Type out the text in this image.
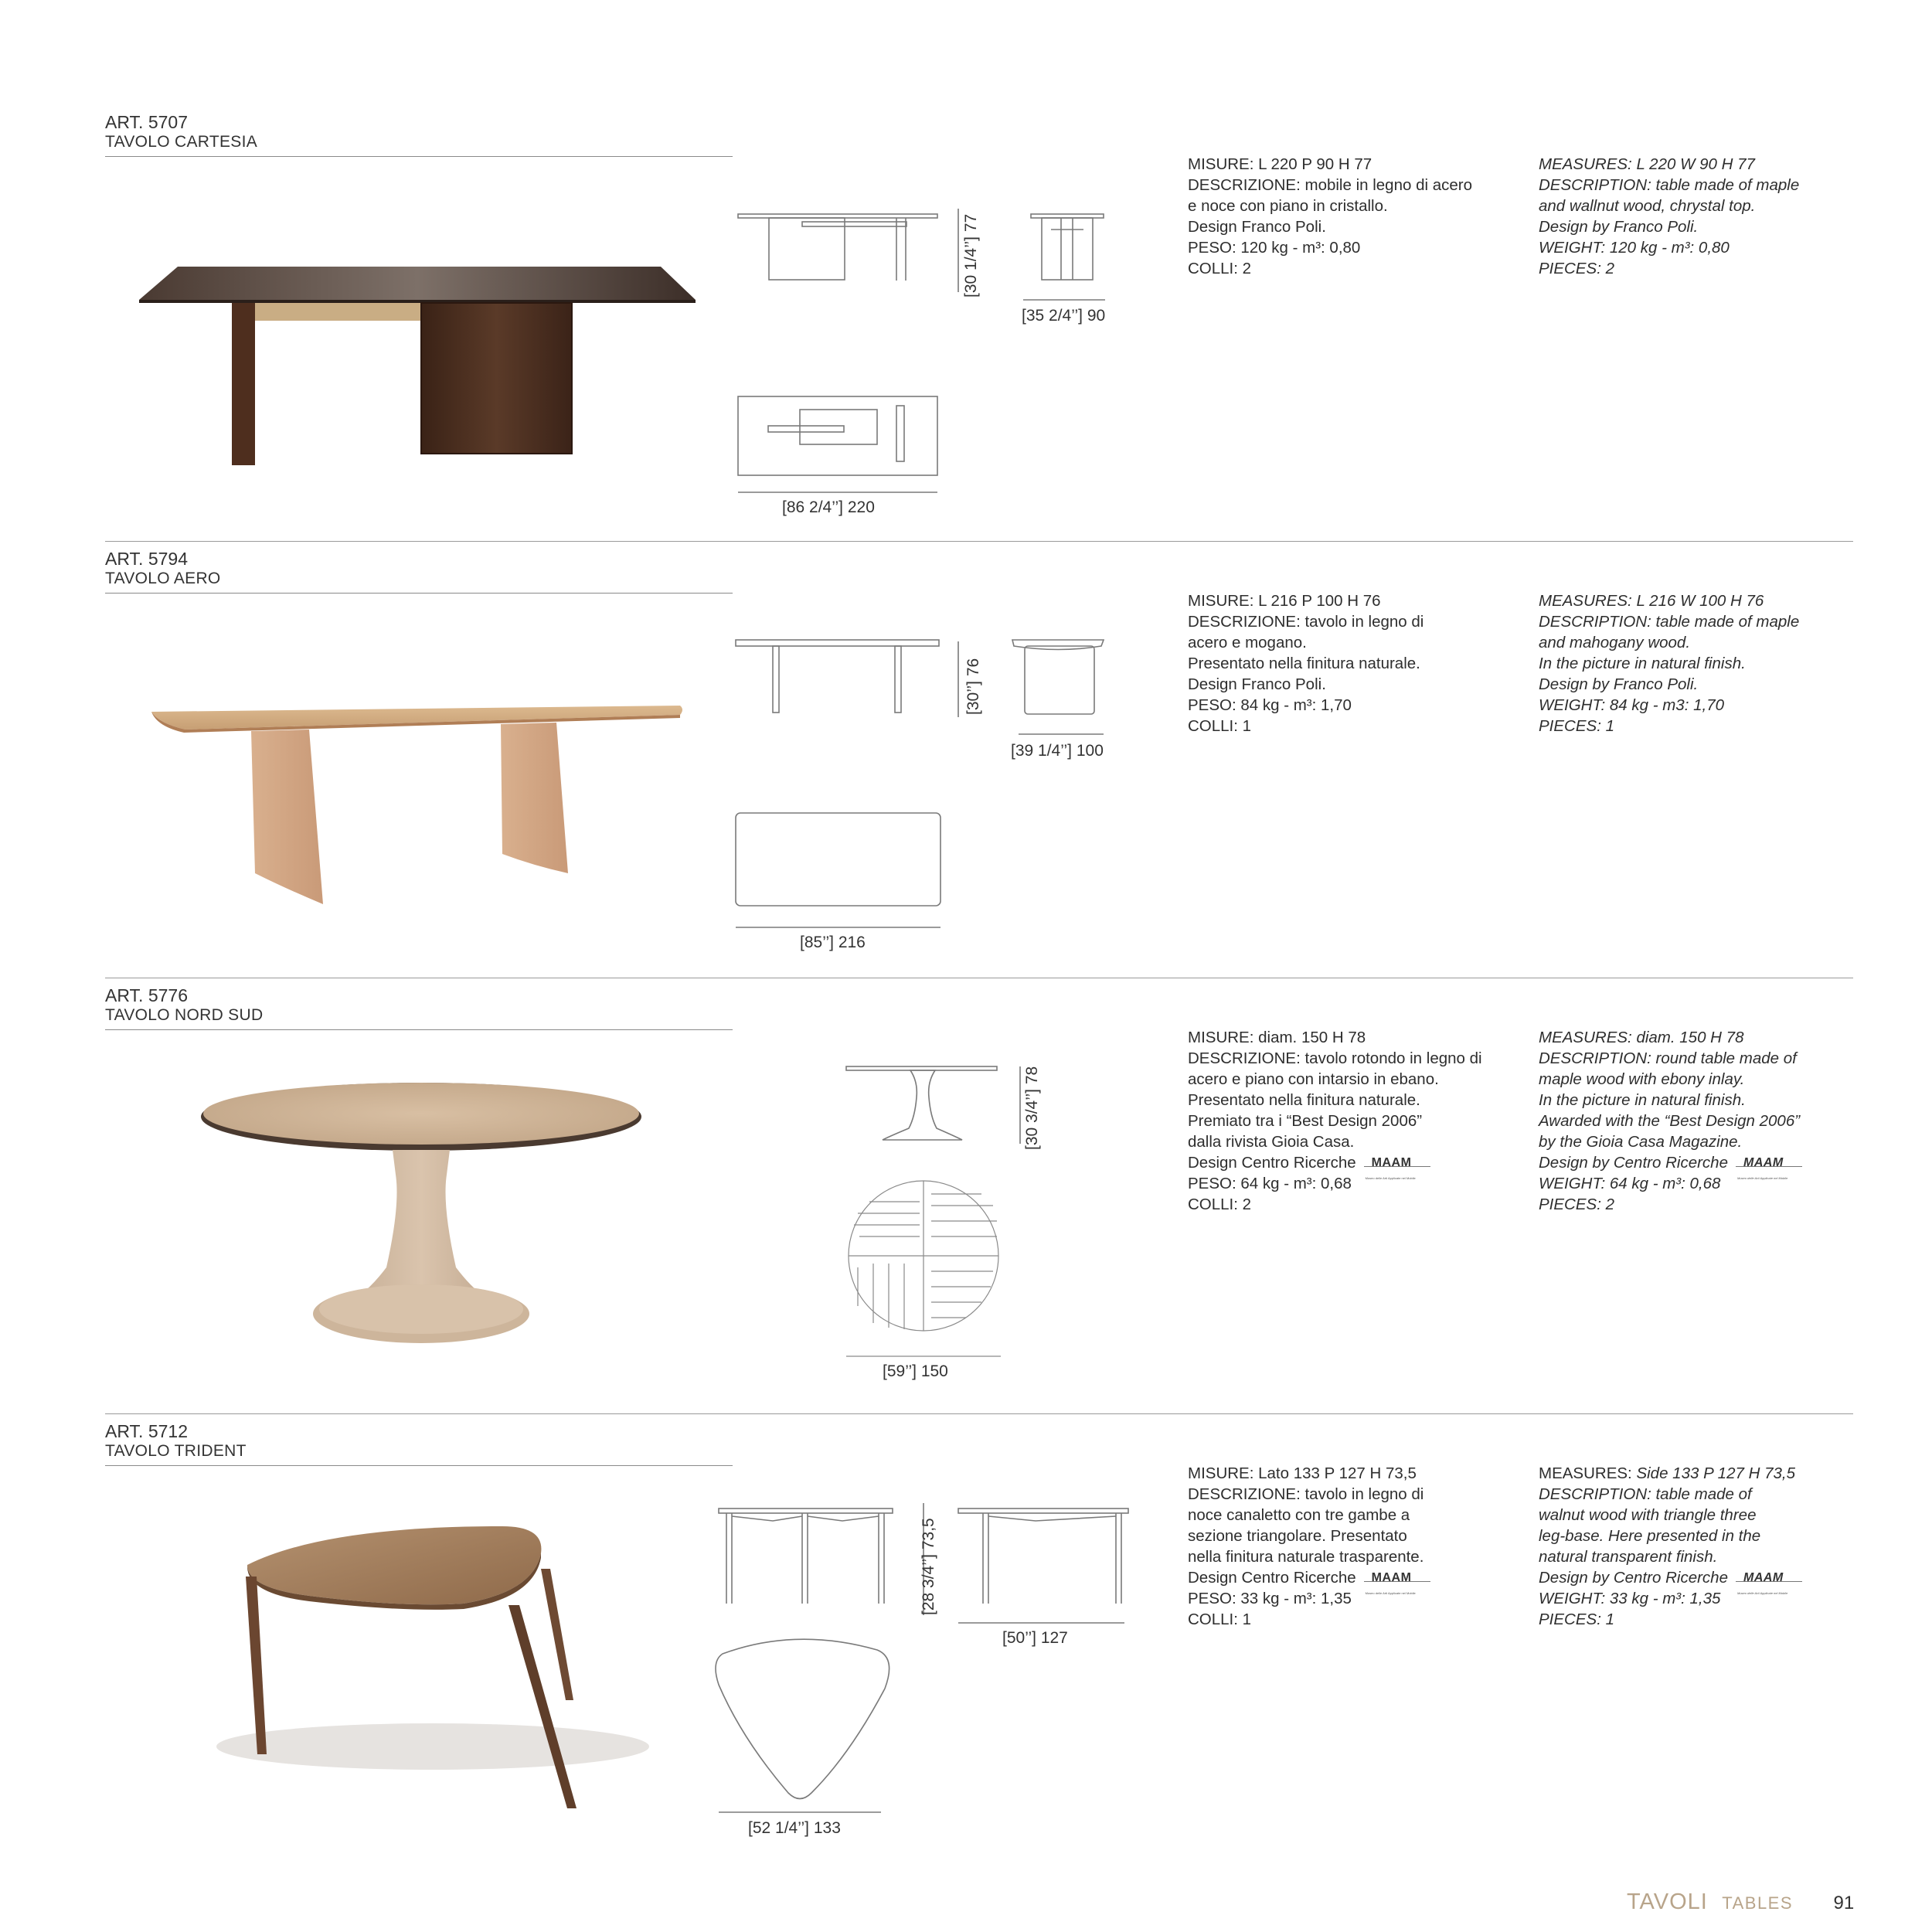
ART. 5707
TAVOLO CARTESIA
[30 1/4’’] 77
[35 2/4’’] 90
[86 2/4’’] 220
MISURE: L 220 P 90 H 77
DESCRIZIONE: mobile in legno di acero
e noce con piano in cristallo.
Design Franco Poli.
PESO: 120 kg - m³: 0,80
COLLI: 2
MEASURES: L 220 W 90 H 77
DESCRIPTION: table made of maple
and wallnut wood, chrystal top.
Design by Franco Poli.
WEIGHT: 120 kg - m³: 0,80
PIECES: 2
ART. 5794
TAVOLO AERO
[30’’] 76
[39 1/4’’] 100
[85’’] 216
MISURE: L 216 P 100 H 76
DESCRIZIONE: tavolo in legno di
acero e mogano.
Presentato nella finitura naturale.
Design Franco Poli.
PESO: 84 kg - m³: 1,70
COLLI: 1
MEASURES: L 216 W 100 H 76
DESCRIPTION: table made of maple
and mahogany wood.
In the picture in natural finish.
Design by Franco Poli.
WEIGHT: 84 kg - m3: 1,70
PIECES: 1
ART. 5776
TAVOLO NORD SUD
[30 3/4’’] 78
[59’’] 150
MISURE: diam. 150 H 78
DESCRIZIONE: tavolo rotondo in legno di
acero e piano con intarsio in ebano.
Presentato nella finitura naturale.
Premiato tra i “Best Design 2006”
dalla rivista Gioia Casa.
Design Centro Ricerche MAAM
Museo delle Arti Applicate nel Mobile
PESO: 64 kg - m³: 0,68
COLLI: 2
MEASURES: diam. 150 H 78
DESCRIPTION: round table made of
maple wood with ebony inlay.
In the picture in natural finish.
Awarded with the “Best Design 2006”
by the Gioia Casa Magazine.
Design by Centro Ricerche MAAM
Museo delle Arti Applicate nel Mobile
WEIGHT: 64 kg - m³: 0,68
PIECES: 2
ART. 5712
TAVOLO TRIDENT
[28 3/4’’] 73,5
[50’’] 127
[52 1/4’’] 133
MISURE: Lato 133 P 127 H 73,5
DESCRIZIONE: tavolo in legno di
noce canaletto con tre gambe a
sezione triangolare. Presentato
nella finitura naturale trasparente.
Design Centro Ricerche MAAM
Museo delle Arti Applicate nel Mobile
PESO: 33 kg - m³: 1,35
COLLI: 1
MEASURES: Side 133 P 127 H 73,5
DESCRIPTION: table made of
walnut wood with triangle three
leg-base. Here presented in the
natural transparent finish.
Design by Centro Ricerche MAAM
Museo delle Arti Applicate nel Mobile
WEIGHT: 33 kg - m³: 1,35
PIECES: 1
TAVOLI TABLES 91
